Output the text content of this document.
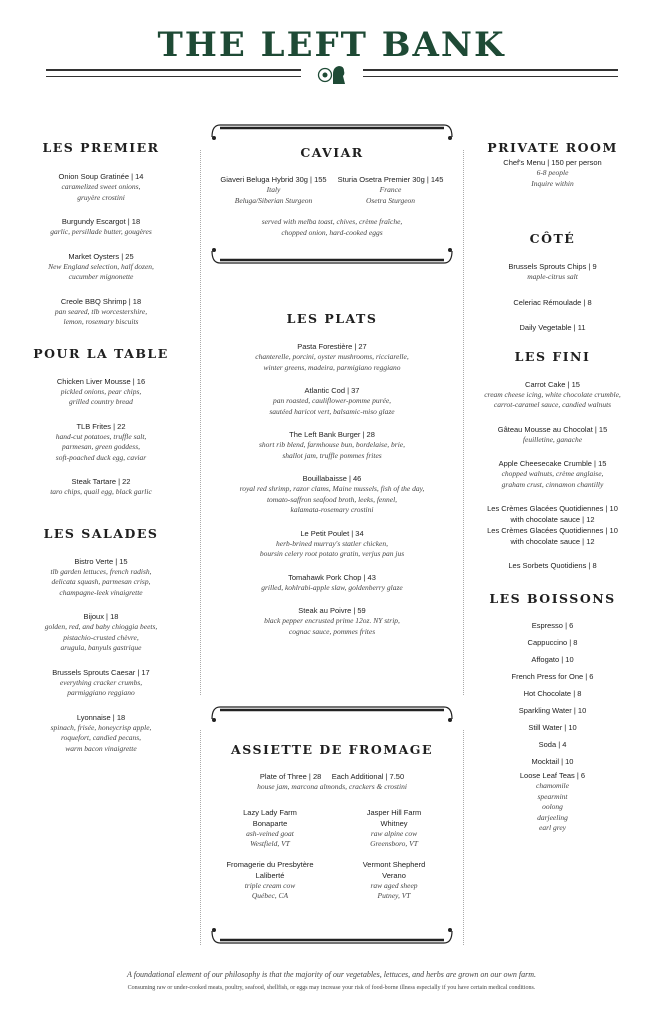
THE LEFT BANK
LES PREMIER
Onion Soup Gratinée | 14
caramelized sweet onions,
gruyère crostini
Burgundy Escargot | 18
garlic, persillade butter, gougères
Market Oysters | 25
New England selection, half dozen,
cucumber mignonette
Creole BBQ Shrimp | 18
pan seared, tlb worcestershire,
lemon, rosemary biscuits
POUR LA TABLE
Chicken Liver Mousse | 16
pickled onions, pear chips,
grilled country bread
TLB Frites | 22
hand-cut potatoes, truffle salt,
parmesan, green goddess,
soft-poached duck egg, caviar
Steak Tartare | 22
taro chips, quail egg, black garlic
LES SALADES
Bistro Verte | 15
tlb garden lettuces, french radish,
delicata squash, parmesan crisp,
champagne-leek vinaigrette
Bijoux | 18
golden, red, and baby chioggia beets,
pistachio-crusted chèvre,
arugula, banyuls gastrique
Brussels Sprouts Caesar | 17
everything cracker crumbs,
parmiggiano reggiano
Lyonnaise | 18
spinach, frisée, honeycrisp apple,
roquefort, candied pecans,
warm bacon vinaigrette
CAVIAR
Giaveri Beluga Hybrid 30g | 155
Italy
Beluga/Siberian Sturgeon
Sturia Osetra Premier 30g | 145
France
Osetra Sturgeon
served with melba toast, chives, crème fraîche,
chopped onion, hard-cooked eggs
LES PLATS
Pasta Forestière | 27
chanterelle, porcini, oyster mushrooms, ricciarelle,
winter greens, madeira, parmigiano reggiano
Atlantic Cod | 37
pan roasted, cauliflower-pomme purée,
sautéed haricot vert, balsamic-miso glaze
The Left Bank Burger | 28
short rib blend, farmhouse bun, bordelaise, brie,
shallot jam, truffle pommes frites
Bouillabaisse | 46
royal red shrimp, razor clams, Maine mussels, fish of the day,
tomato-saffron seafood broth, leeks, fennel,
kalamata-rosemary crostini
Le Petit Poulet | 34
herb-brined murray's statler chicken,
boursin celery root potato gratin, verjus pan jus
Tomahawk Pork Chop | 43
grilled, kohlrabi-apple slaw, goldenberry glaze
Steak au Poivre | 59
black pepper encrusted prime 12oz. NY strip,
cognac sauce, pommes frites
ASSIETTE DE FROMAGE
Plate of Three | 28     Each Additional | 7.50
house jam, marcona almonds, crackers & crostini
Lazy Lady Farm
Bonaparte
ash-veined goat
Westfield, VT
Jasper Hill Farm
Whitney
raw alpine cow
Greensboro, VT
Fromagerie du Presbytère
Laliberté
triple cream cow
Québec, CA
Vermont Shepherd
Verano
raw aged sheep
Putney, VT
PRIVATE ROOM
Chef's Menu | 150 per person
6-8 people
Inquire within
CÔTÉ
Brussels Sprouts Chips | 9
maple-citrus salt
Celeriac Rémoulade | 8
Daily Vegetable | 11
LES FINI
Carrot Cake | 15
cream cheese icing, white chocolate crumble,
carrot-caramel sauce, candied walnuts
Gâteau Mousse au Chocolat | 15
feuilletine, ganache
Apple Cheesecake Crumble | 15
chopped walnuts, crème anglaise,
graham crust, cinnamon chantilly
Les Crèmes Glacées Quotidiennes | 10
with chocolate sauce | 12
Les Crèmes Glacées Quotidiennes | 10
with chocolate sauce | 12
Les Sorbets Quotidiens | 8
LES BOISSONS
Espresso | 6
Cappuccino | 8
Affogato | 10
French Press for One | 6
Hot Chocolate | 8
Sparkling Water | 10
Still Water | 10
Soda | 4
Mocktail | 10
Loose Leaf Teas | 6
chamomile
spearmint
oolong
darjeeling
earl grey
A foundational element of our philosophy is that the majority of our vegetables, lettuces, and herbs are grown on our own farm.
Consuming raw or under-cooked meats, poultry, seafood, shellfish, or eggs may increase your risk of food-borne illness especially if you have certain medical conditions.
